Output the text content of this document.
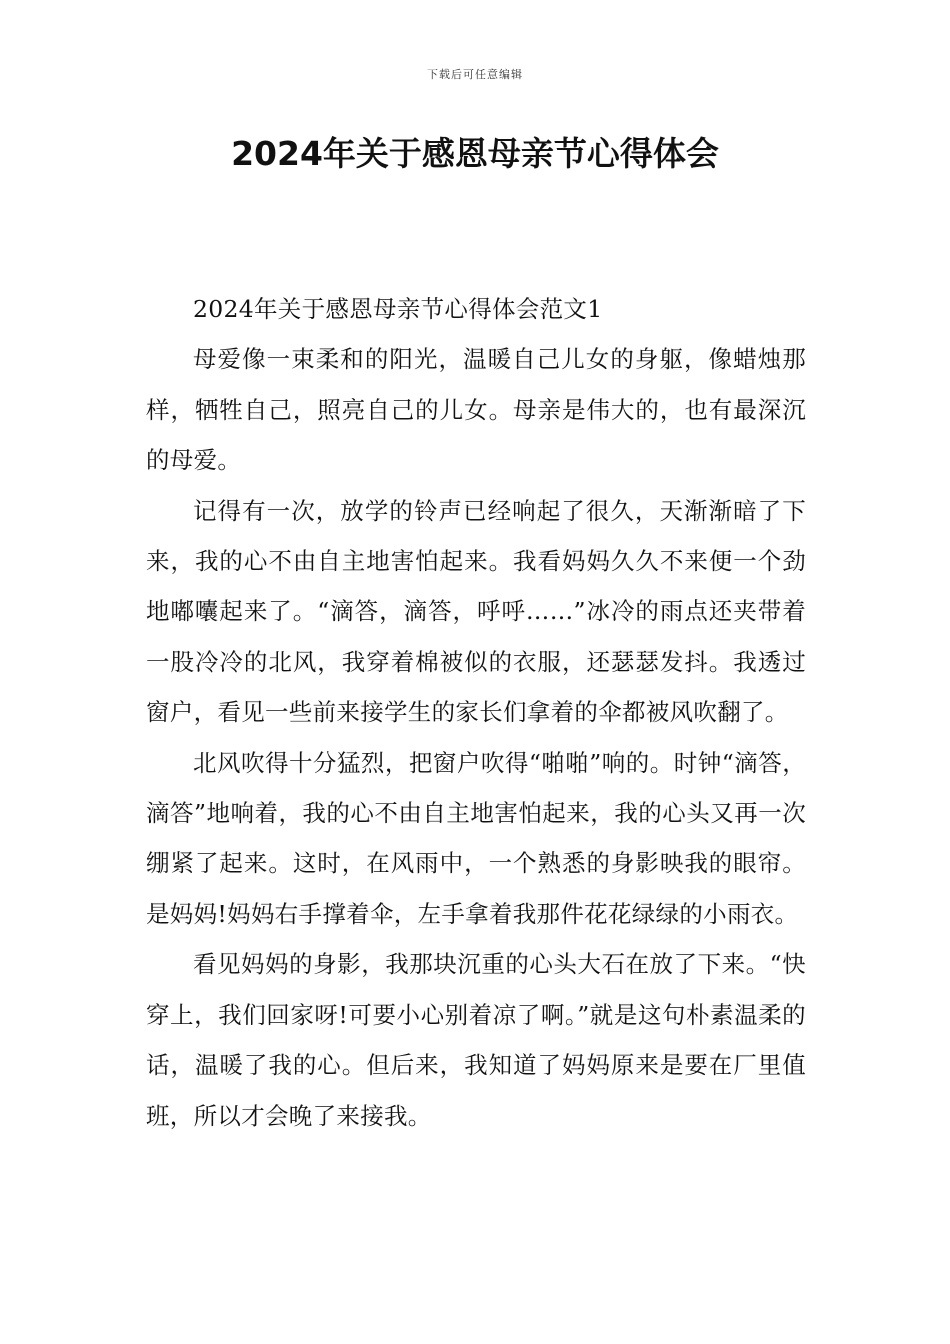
下载后可任意编辑
2024年关于感恩母亲节心得体会

2024年关于感恩母亲节心得体会范文1

母爱像一束柔和的阳光，温暖自己儿女的身躯，像蜡烛那样，牺牲自己，照亮自己的儿女。母亲是伟大的，也有最深沉的母爱。

记得有一次，放学的铃声已经响起了很久，天渐渐暗了下来，我的心不由自主地害怕起来。我看妈妈久久不来便一个劲地嘟囔起来了。“滴答，滴答，呼呼……”冰冷的雨点还夹带着一股冷冷的北风，我穿着棉被似的衣服，还瑟瑟发抖。我透过窗户，看见一些前来接学生的家长们拿着的伞都被风吹翻了。

北风吹得十分猛烈，把窗户吹得“啪啪”响的。时钟“滴答，滴答”地响着，我的心不由自主地害怕起来，我的心头又再一次绷紧了起来。这时，在风雨中，一个熟悉的身影映我的眼帘。是妈妈!妈妈右手撑着伞，左手拿着我那件花花绿绿的小雨衣。

看见妈妈的身影，我那块沉重的心头大石在放了下来。“快穿上，我们回家呀!可要小心别着凉了啊。”就是这句朴素温柔的话，温暖了我的心。但后来，我知道了妈妈原来是要在厂里值班，所以才会晚了来接我。
